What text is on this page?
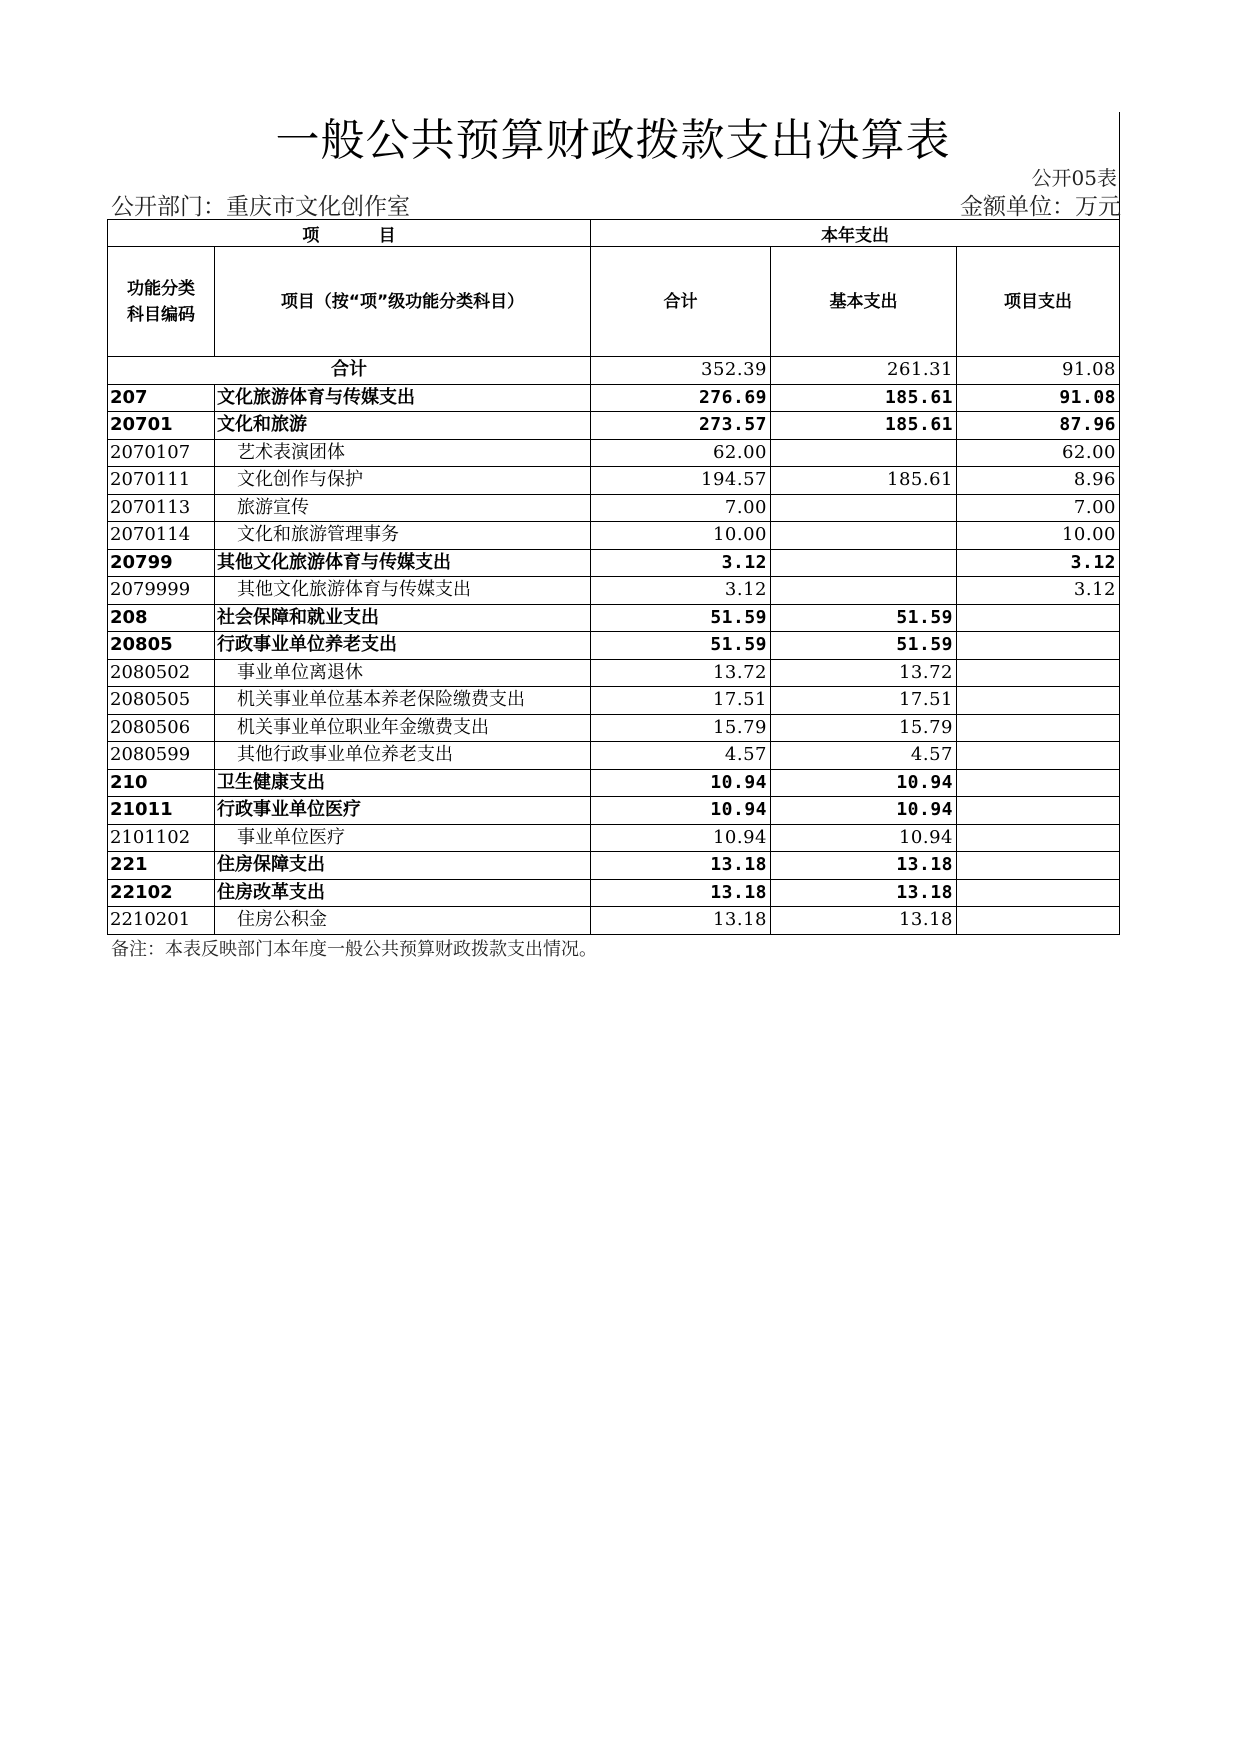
一般公共预算财政拨款支出决算表
公开05表
公开部门：重庆市文化创作室	金额单位：万元
项          目		本年支出		
功能分类
科目编码	项目（按“项”级功能分类科目）	合计	基本支出	项目支出
合计		352.39	261.31	91.08
207	文化旅游体育与传媒支出	276.69	185.61	91.08
20701	文化和旅游	273.57	185.61	87.96
2070107	艺术表演团体	62.00		62.00
2070111	文化创作与保护	194.57	185.61	8.96
2070113	旅游宣传	7.00		7.00
2070114	文化和旅游管理事务	10.00		10.00
20799	其他文化旅游体育与传媒支出	3.12		3.12
2079999	其他文化旅游体育与传媒支出	3.12		3.12
208	社会保障和就业支出	51.59	51.59	
20805	行政事业单位养老支出	51.59	51.59	
2080502	事业单位离退休	13.72	13.72	
2080505	机关事业单位基本养老保险缴费支出	17.51	17.51	
2080506	机关事业单位职业年金缴费支出	15.79	15.79	
2080599	其他行政事业单位养老支出	4.57	4.57	
210	卫生健康支出	10.94	10.94	
21011	行政事业单位医疗	10.94	10.94	
2101102	事业单位医疗	10.94	10.94	
221	住房保障支出	13.18	13.18	
22102	住房改革支出	13.18	13.18	
2210201	住房公积金	13.18	13.18	
备注：本表反映部门本年度一般公共预算财政拨款支出情况。
